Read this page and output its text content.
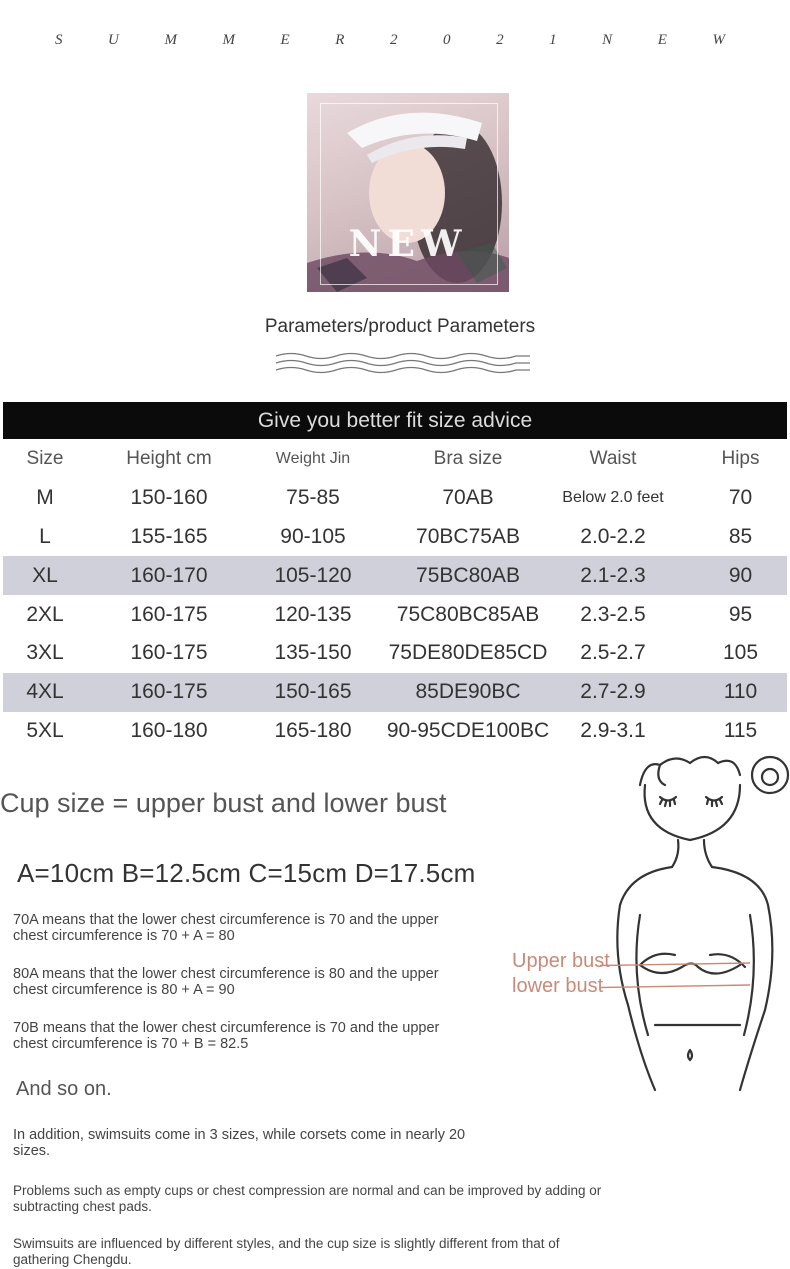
S	U	M	M	E	R	2	0	2	1	N	E	W
NEW
Parameters/product Parameters
Give you better fit size advice
Size	Height cm	Weight Jin	Bra size	Waist	Hips
M	150-160	75-85	70AB	Below 2.0 feet	70
L	155-165	90-105	70BC75AB	2.0-2.2	85
XL	160-170	105-120	75BC80AB	2.1-2.3	90
2XL	160-175	120-135	75C80BC85AB	2.3-2.5	95
3XL	160-175	135-150	75DE80DE85CD	2.5-2.7	105
4XL	160-175	150-165	85DE90BC	2.7-2.9	110
5XL	160-180	165-180	90-95CDE100BC	2.9-3.1	115
Cup size = upper bust and lower bust
A=10cm B=12.5cm C=15cm D=17.5cm
70A means that the lower chest circumference is 70 and the upper chest circumference is 70 + A = 80
80A means that the lower chest circumference is 80 and the upper chest circumference is 80 + A = 90
70B means that the lower chest circumference is 70 and the upper chest circumference is 70 + B = 82.5
And so on.
In addition, swimsuits come in 3 sizes, while corsets come in nearly 20 sizes.
Problems such as empty cups or chest compression are normal and can be improved by adding or subtracting chest pads.
Swimsuits are influenced by different styles, and the cup size is slightly different from that of gathering Chengdu.
Upper bust
lower bust
